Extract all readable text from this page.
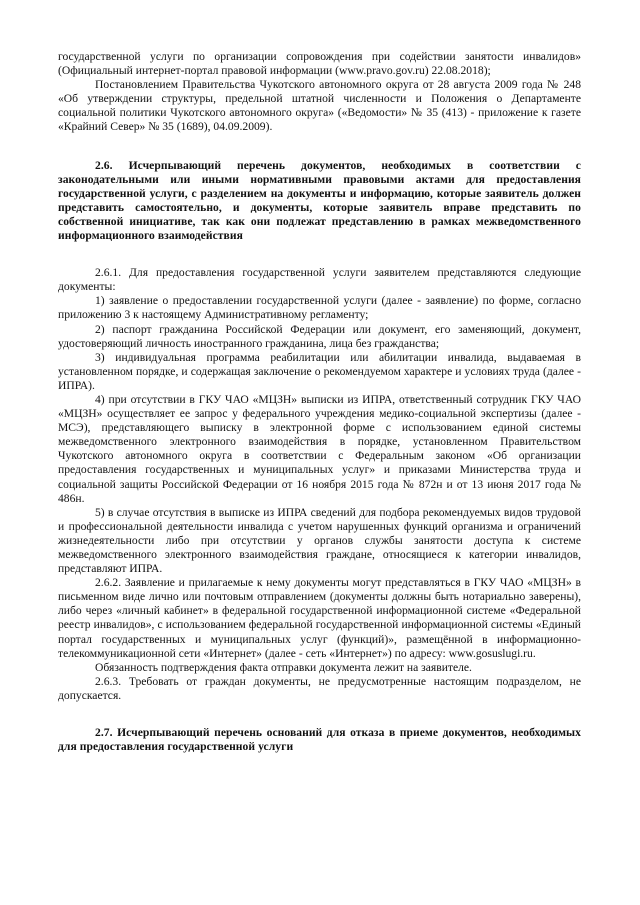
государственной услуги по организации сопровождения при содействии занятости инвалидов» (Официальный интернет-портал правовой информации (www.pravo.gov.ru) 22.08.2018);

Постановлением Правительства Чукотского автономного округа от 28 августа 2009 года № 248 «Об утверждении структуры, предельной штатной численности и Положения о Департаменте социальной политики Чукотского автономного округа» («Ведомости» № 35 (413) - приложение к газете «Крайний Север» № 35 (1689), 04.09.2009).

2.6. Исчерпывающий перечень документов, необходимых в соответствии с законодательными или иными нормативными правовыми актами для предоставления государственной услуги, с разделением на документы и информацию, которые заявитель должен представить самостоятельно, и документы, которые заявитель вправе представить по собственной инициативе, так как они подлежат представлению в рамках межведомственного информационного взаимодействия

2.6.1. Для предоставления государственной услуги заявителем представляются следующие документы:

1) заявление о предоставлении государственной услуги (далее - заявление) по форме, согласно приложению 3 к настоящему Административному регламенту;

2) паспорт гражданина Российской Федерации или документ, его заменяющий, документ, удостоверяющий личность иностранного гражданина, лица без гражданства;

3) индивидуальная программа реабилитации или абилитации инвалида, выдаваемая в установленном порядке, и содержащая заключение о рекомендуемом характере и условиях труда (далее - ИПРА).

4) при отсутствии в ГКУ ЧАО «МЦЗН» выписки из ИПРА, ответственный сотрудник ГКУ ЧАО «МЦЗН» осуществляет ее запрос у федерального учреждения медико-социальной экспертизы (далее - МСЭ), представляющего выписку в электронной форме с использованием единой системы межведомственного электронного взаимодействия в порядке, установленном Правительством Чукотского автономного округа в соответствии с Федеральным законом «Об организации предоставления государственных и муниципальных услуг» и приказами Министерства труда и социальной защиты Российской Федерации от 16 ноября 2015 года № 872н и от 13 июня 2017 года № 486н.

5) в случае отсутствия в выписке из ИПРА сведений для подбора рекомендуемых видов трудовой и профессиональной деятельности инвалида с учетом нарушенных функций организма и ограничений жизнедеятельности либо при отсутствии у органов службы занятости доступа к системе межведомственного электронного взаимодействия граждане, относящиеся к категории инвалидов, представляют ИПРА.

2.6.2. Заявление и прилагаемые к нему документы могут представляться в ГКУ ЧАО «МЦЗН» в письменном виде лично или почтовым отправлением (документы должны быть нотариально заверены), либо через «личный кабинет» в федеральной государственной информационной системе «Федеральной реестр инвалидов», с использованием федеральной государственной информационной системы «Единый портал государственных и муниципальных услуг (функций)», размещённой в информационно-телекоммуникационной сети «Интернет» (далее - сеть «Интернет») по адресу: www.gosuslugi.ru.

Обязанность подтверждения факта отправки документа лежит на заявителе.

2.6.3. Требовать от граждан документы, не предусмотренные настоящим подразделом, не допускается.

2.7. Исчерпывающий перечень оснований для отказа в приеме документов, необходимых для предоставления государственной услуги
